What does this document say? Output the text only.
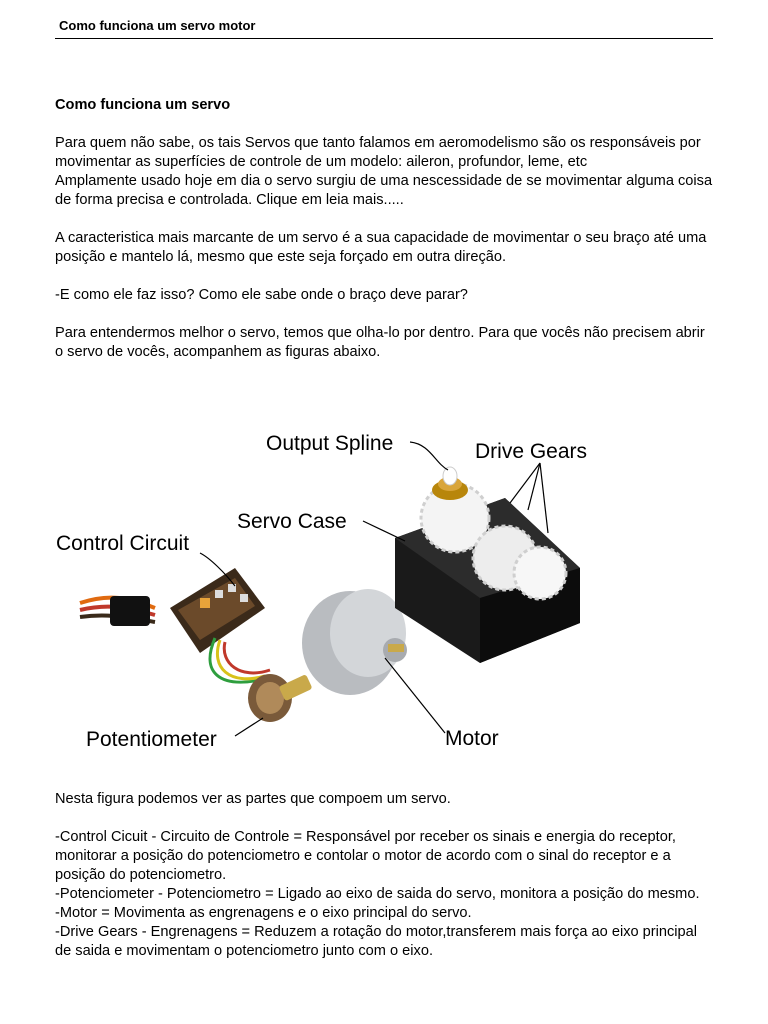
Como funciona um servo motor

Como funciona um servo

Para quem não sabe, os tais Servos que tanto falamos em aeromodelismo são os responsáveis por movimentar as superfícies de controle de um modelo: aileron, profundor, leme, etc

Amplamente usado hoje em dia o servo surgiu de uma nescessidade de se movimentar alguma coisa de forma precisa e controlada. Clique em leia mais.....

A caracteristica mais marcante de um servo é a sua capacidade de movimentar o seu braço até uma posição e mantelo lá, mesmo que este seja forçado em outra direção.

-E como ele faz isso? Como ele sabe onde o braço deve parar?

Para entendermos melhor o servo, temos que olha-lo por dentro. Para que vocês não precisem abrir o servo de vocês, acompanhem as figuras abaixo.

Output Spline	Drive Gears
Servo Case
Control Circuit
Potentiometer	Motor

Nesta figura podemos ver as partes que compoem um servo.

-Control Cicuit - Circuito de Controle = Responsável por receber os sinais e energia do receptor, monitorar a posição do potenciometro e contolar o motor de acordo com o sinal do receptor e a posição do potenciometro.

-Potenciometer - Potenciometro = Ligado ao eixo de saida do servo, monitora a posição do mesmo.

-Motor = Movimenta as engrenagens e o eixo principal do servo.

-Drive Gears - Engrenagens = Reduzem a rotação do motor,transferem mais força ao eixo principal de saida e movimentam o potenciometro junto com o eixo.
